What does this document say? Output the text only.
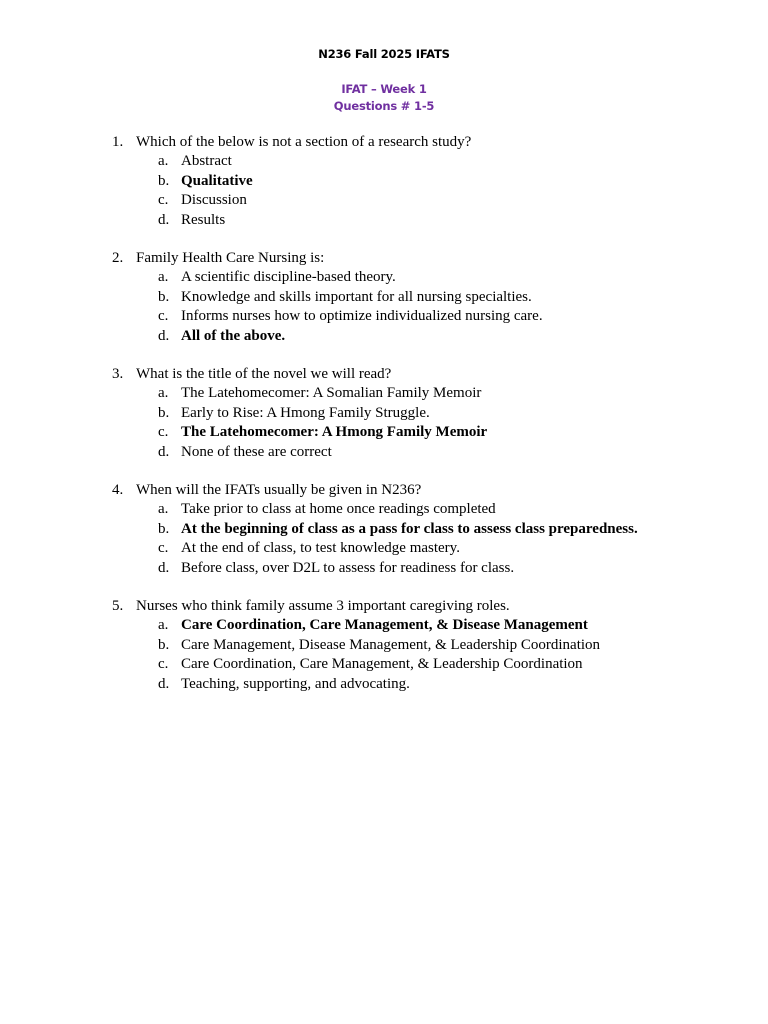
N236 Fall 2025 IFATS
IFAT – Week 1
Questions # 1-5
1. Which of the below is not a section of a research study?
a. Abstract
b. Qualitative
c. Discussion
d. Results
2. Family Health Care Nursing is:
a. A scientific discipline-based theory.
b. Knowledge and skills important for all nursing specialties.
c. Informs nurses how to optimize individualized nursing care.
d. All of the above.
3. What is the title of the novel we will read?
a. The Latehomecomer: A Somalian Family Memoir
b. Early to Rise: A Hmong Family Struggle.
c. The Latehomecomer: A Hmong Family Memoir
d. None of these are correct
4. When will the IFATs usually be given in N236?
a. Take prior to class at home once readings completed
b. At the beginning of class as a pass for class to assess class preparedness.
c. At the end of class, to test knowledge mastery.
d. Before class, over D2L to assess for readiness for class.
5. Nurses who think family assume 3 important caregiving roles.
a. Care Coordination, Care Management, & Disease Management
b. Care Management, Disease Management, & Leadership Coordination
c. Care Coordination, Care Management, & Leadership Coordination
d. Teaching, supporting, and advocating.
